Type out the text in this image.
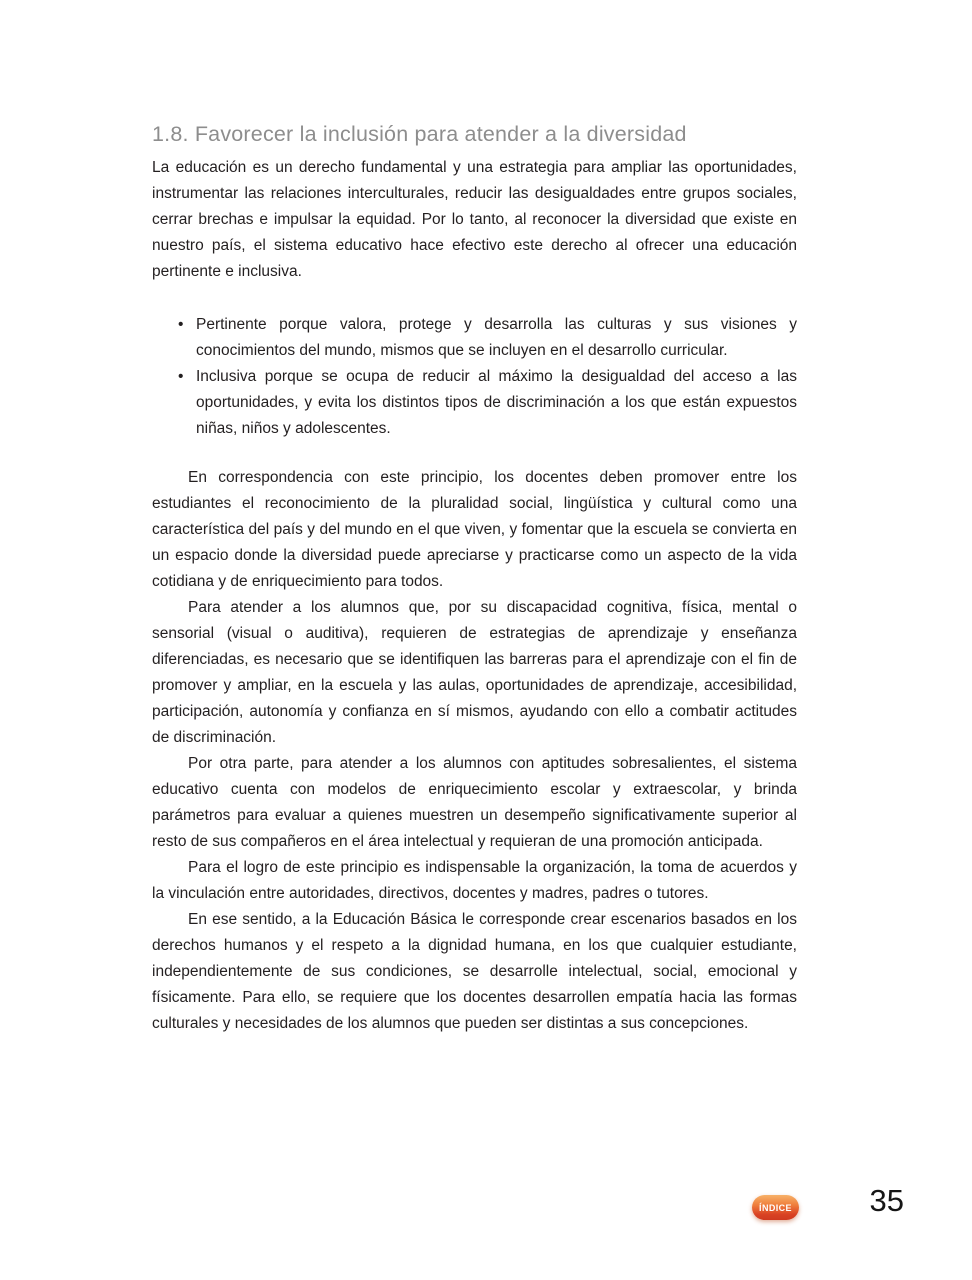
1.8. Favorecer la inclusión para atender a la diversidad

La educación es un derecho fundamental y una estrategia para ampliar las oportunidades, instrumentar las relaciones interculturales, reducir las desigualdades entre grupos sociales, cerrar brechas e impulsar la equidad. Por lo tanto, al reconocer la diversidad que existe en nuestro país, el sistema educativo hace efectivo este derecho al ofrecer una educación pertinente e inclusiva.

• Pertinente porque valora, protege y desarrolla las culturas y sus visiones y conocimientos del mundo, mismos que se incluyen en el desarrollo curricular.
• Inclusiva porque se ocupa de reducir al máximo la desigualdad del acceso a las oportunidades, y evita los distintos tipos de discriminación a los que están expuestos niñas, niños y adolescentes.

En correspondencia con este principio, los docentes deben promover entre los estudiantes el reconocimiento de la pluralidad social, lingüística y cultural como una característica del país y del mundo en el que viven, y fomentar que la escuela se convierta en un espacio donde la diversidad puede apreciarse y practicarse como un aspecto de la vida cotidiana y de enriquecimiento para todos.

Para atender a los alumnos que, por su discapacidad cognitiva, física, mental o sensorial (visual o auditiva), requieren de estrategias de aprendizaje y enseñanza diferenciadas, es necesario que se identifiquen las barreras para el aprendizaje con el fin de promover y ampliar, en la escuela y las aulas, oportunidades de aprendizaje, accesibilidad, participación, autonomía y confianza en sí mismos, ayudando con ello a combatir actitudes de discriminación.

Por otra parte, para atender a los alumnos con aptitudes sobresalientes, el sistema educativo cuenta con modelos de enriquecimiento escolar y extraescolar, y brinda parámetros para evaluar a quienes muestren un desempeño significativamente superior al resto de sus compañeros en el área intelectual y requieran de una promoción anticipada.

Para el logro de este principio es indispensable la organización, la toma de acuerdos y la vinculación entre autoridades, directivos, docentes y madres, padres o tutores.

En ese sentido, a la Educación Básica le corresponde crear escenarios basados en los derechos humanos y el respeto a la dignidad humana, en los que cualquier estudiante, independientemente de sus condiciones, se desarrolle intelectual, social, emocional y físicamente. Para ello, se requiere que los docentes desarrollen empatía hacia las formas culturales y necesidades de los alumnos que pueden ser distintas a sus concepciones.

ÍNDICE	35
